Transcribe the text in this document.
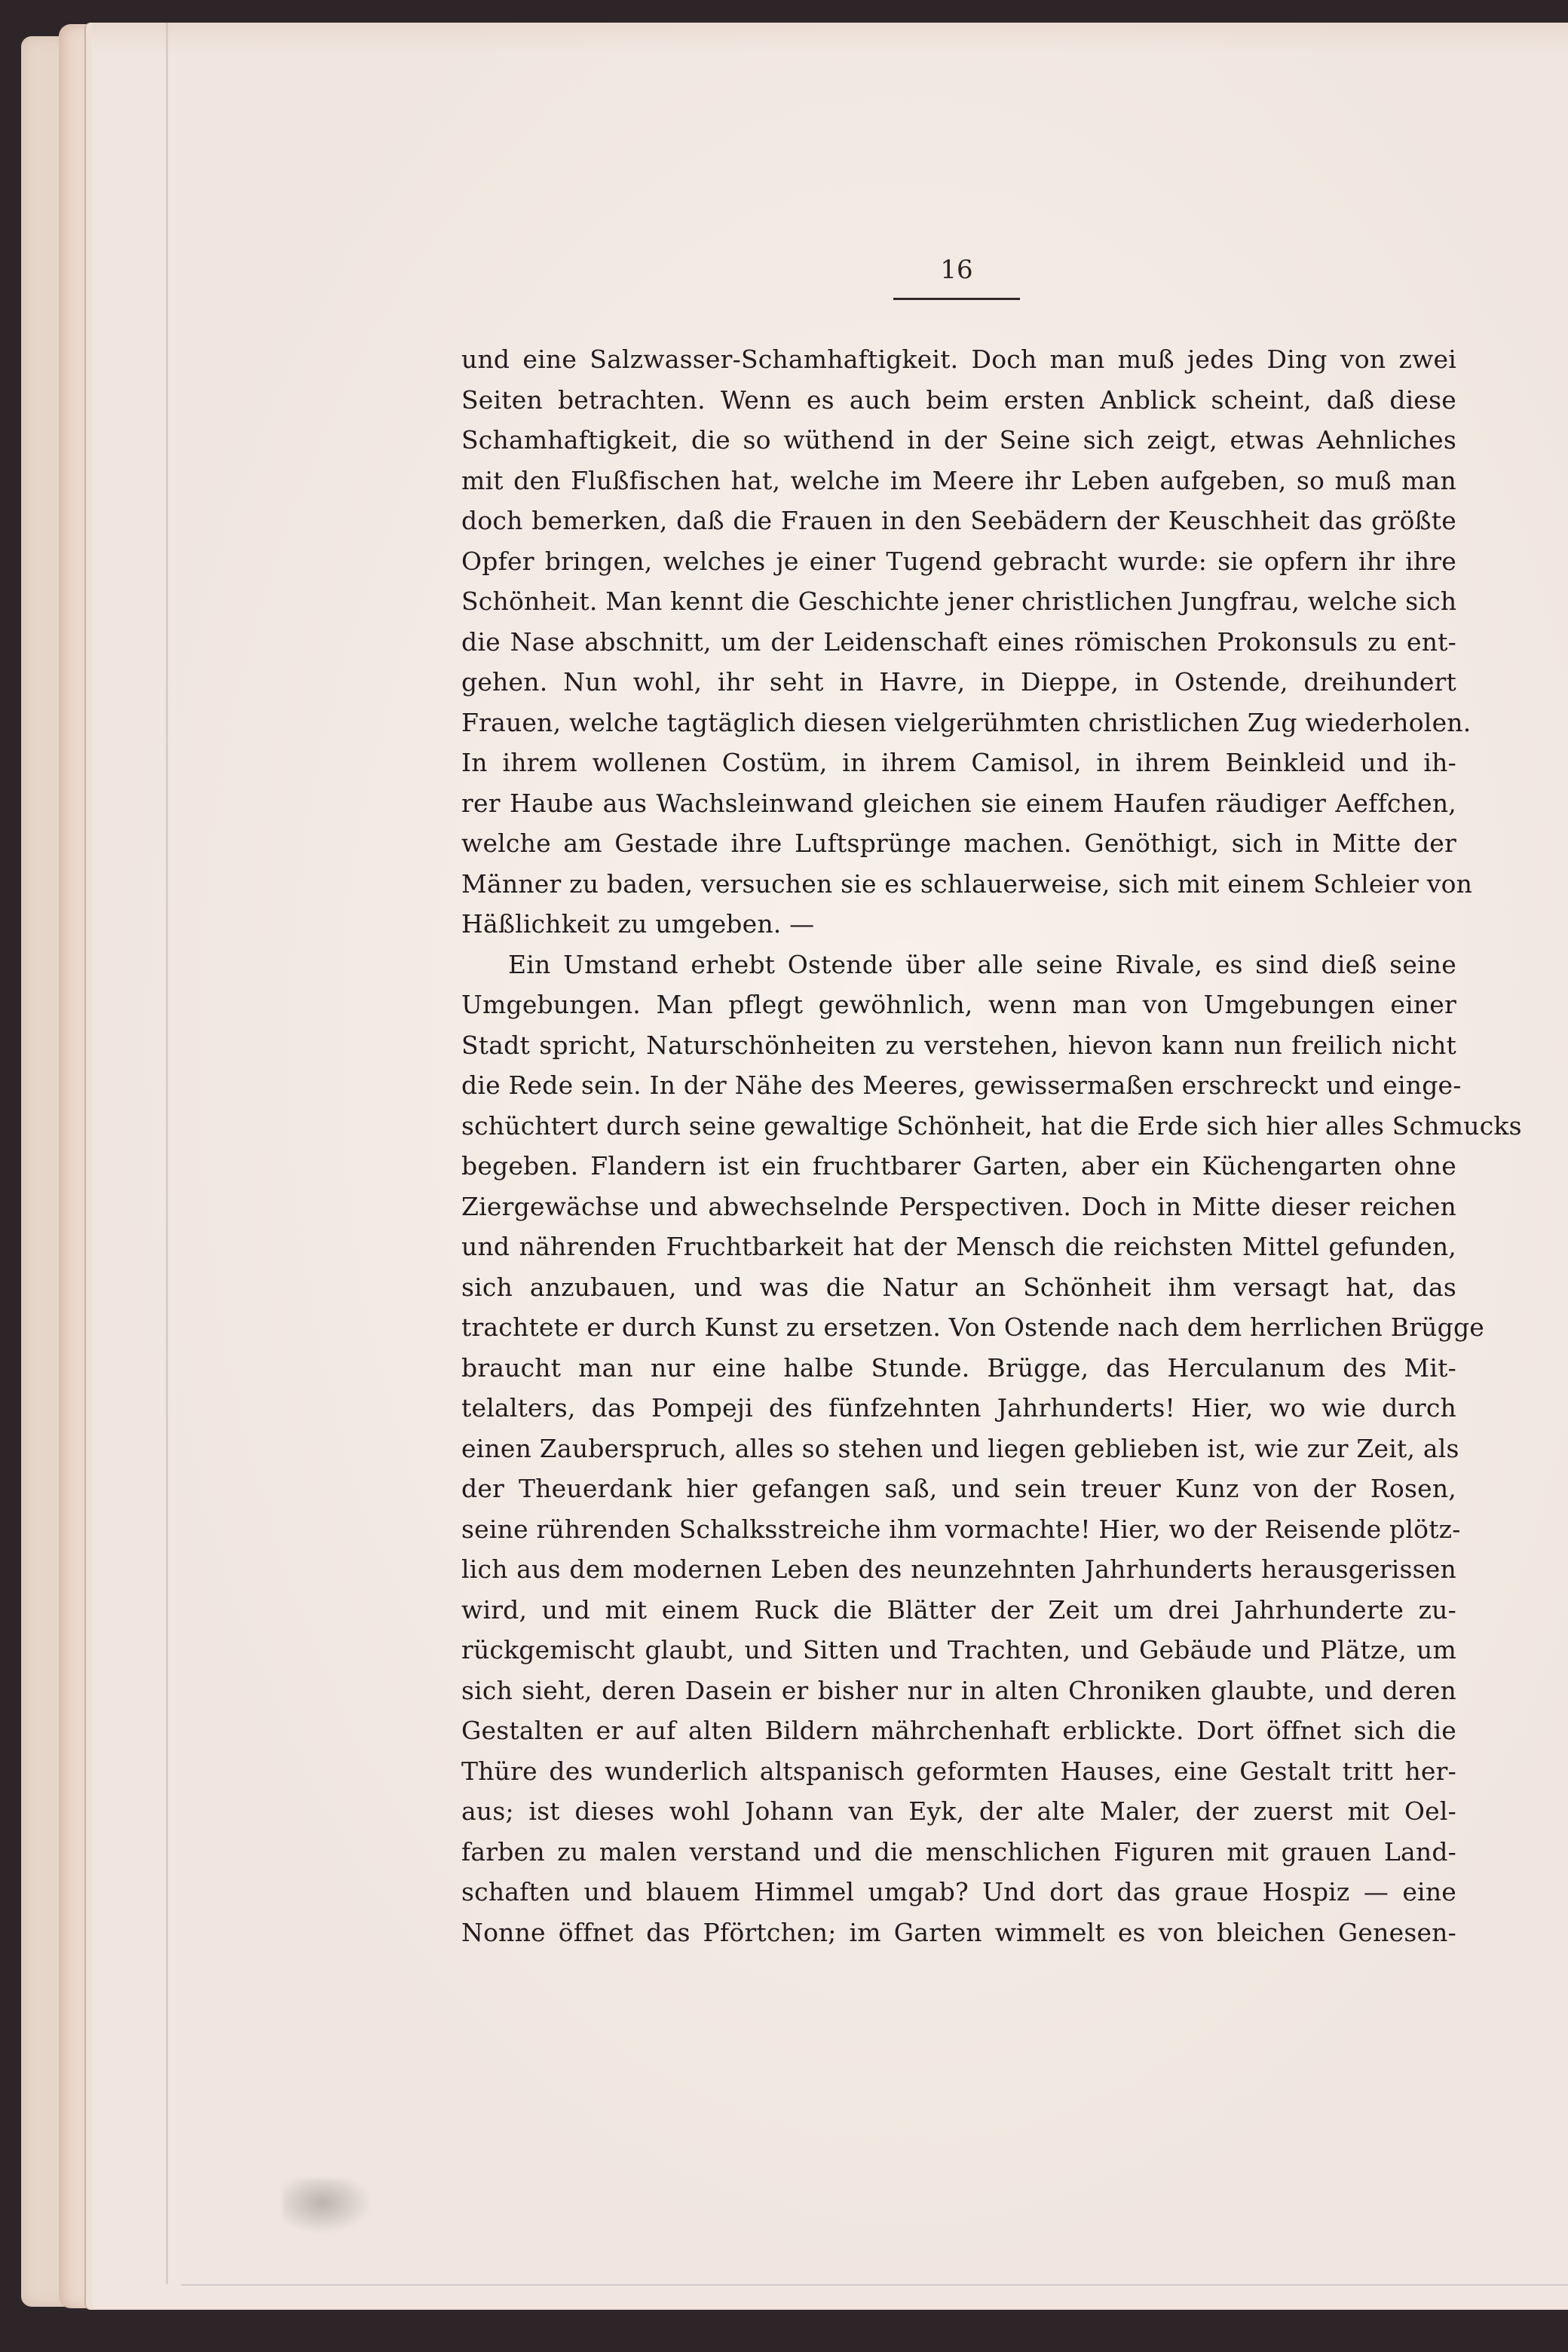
16
und eine Salzwasser-Schamhaftigkeit. Doch man muß jedes Ding von zwei
Seiten betrachten. Wenn es auch beim ersten Anblick scheint, daß diese
Schamhaftigkeit, die so wüthend in der Seine sich zeigt, etwas Aehnliches
mit den Flußfischen hat, welche im Meere ihr Leben aufgeben, so muß man
doch bemerken, daß die Frauen in den Seebädern der Keuschheit das größte
Opfer bringen, welches je einer Tugend gebracht wurde: sie opfern ihr ihre
Schönheit. Man kennt die Geschichte jener christlichen Jungfrau, welche sich
die Nase abschnitt, um der Leidenschaft eines römischen Prokonsuls zu ent-
gehen. Nun wohl, ihr seht in Havre, in Dieppe, in Ostende, dreihundert
Frauen, welche tagtäglich diesen vielgerühmten christlichen Zug wiederholen.
In ihrem wollenen Costüm, in ihrem Camisol, in ihrem Beinkleid und ih-
rer Haube aus Wachsleinwand gleichen sie einem Haufen räudiger Aeffchen,
welche am Gestade ihre Luftsprünge machen. Genöthigt, sich in Mitte der
Männer zu baden, versuchen sie es schlauerweise, sich mit einem Schleier von
Häßlichkeit zu umgeben. —
Ein Umstand erhebt Ostende über alle seine Rivale, es sind dieß seine
Umgebungen. Man pflegt gewöhnlich, wenn man von Umgebungen einer
Stadt spricht, Naturschönheiten zu verstehen, hievon kann nun freilich nicht
die Rede sein. In der Nähe des Meeres, gewissermaßen erschreckt und einge-
schüchtert durch seine gewaltige Schönheit, hat die Erde sich hier alles Schmucks
begeben. Flandern ist ein fruchtbarer Garten, aber ein Küchengarten ohne
Ziergewächse und abwechselnde Perspectiven. Doch in Mitte dieser reichen
und nährenden Fruchtbarkeit hat der Mensch die reichsten Mittel gefunden,
sich anzubauen, und was die Natur an Schönheit ihm versagt hat, das
trachtete er durch Kunst zu ersetzen. Von Ostende nach dem herrlichen Brügge
braucht man nur eine halbe Stunde. Brügge, das Herculanum des Mit-
telalters, das Pompeji des fünfzehnten Jahrhunderts! Hier, wo wie durch
einen Zauberspruch, alles so stehen und liegen geblieben ist, wie zur Zeit, als
der Theuerdank hier gefangen saß, und sein treuer Kunz von der Rosen,
seine rührenden Schalksstreiche ihm vormachte! Hier, wo der Reisende plötz-
lich aus dem modernen Leben des neunzehnten Jahrhunderts herausgerissen
wird, und mit einem Ruck die Blätter der Zeit um drei Jahrhunderte zu-
rückgemischt glaubt, und Sitten und Trachten, und Gebäude und Plätze, um
sich sieht, deren Dasein er bisher nur in alten Chroniken glaubte, und deren
Gestalten er auf alten Bildern mährchenhaft erblickte. Dort öffnet sich die
Thüre des wunderlich altspanisch geformten Hauses, eine Gestalt tritt her-
aus; ist dieses wohl Johann van Eyk, der alte Maler, der zuerst mit Oel-
farben zu malen verstand und die menschlichen Figuren mit grauen Land-
schaften und blauem Himmel umgab? Und dort das graue Hospiz — eine
Nonne öffnet das Pförtchen; im Garten wimmelt es von bleichen Genesen-
